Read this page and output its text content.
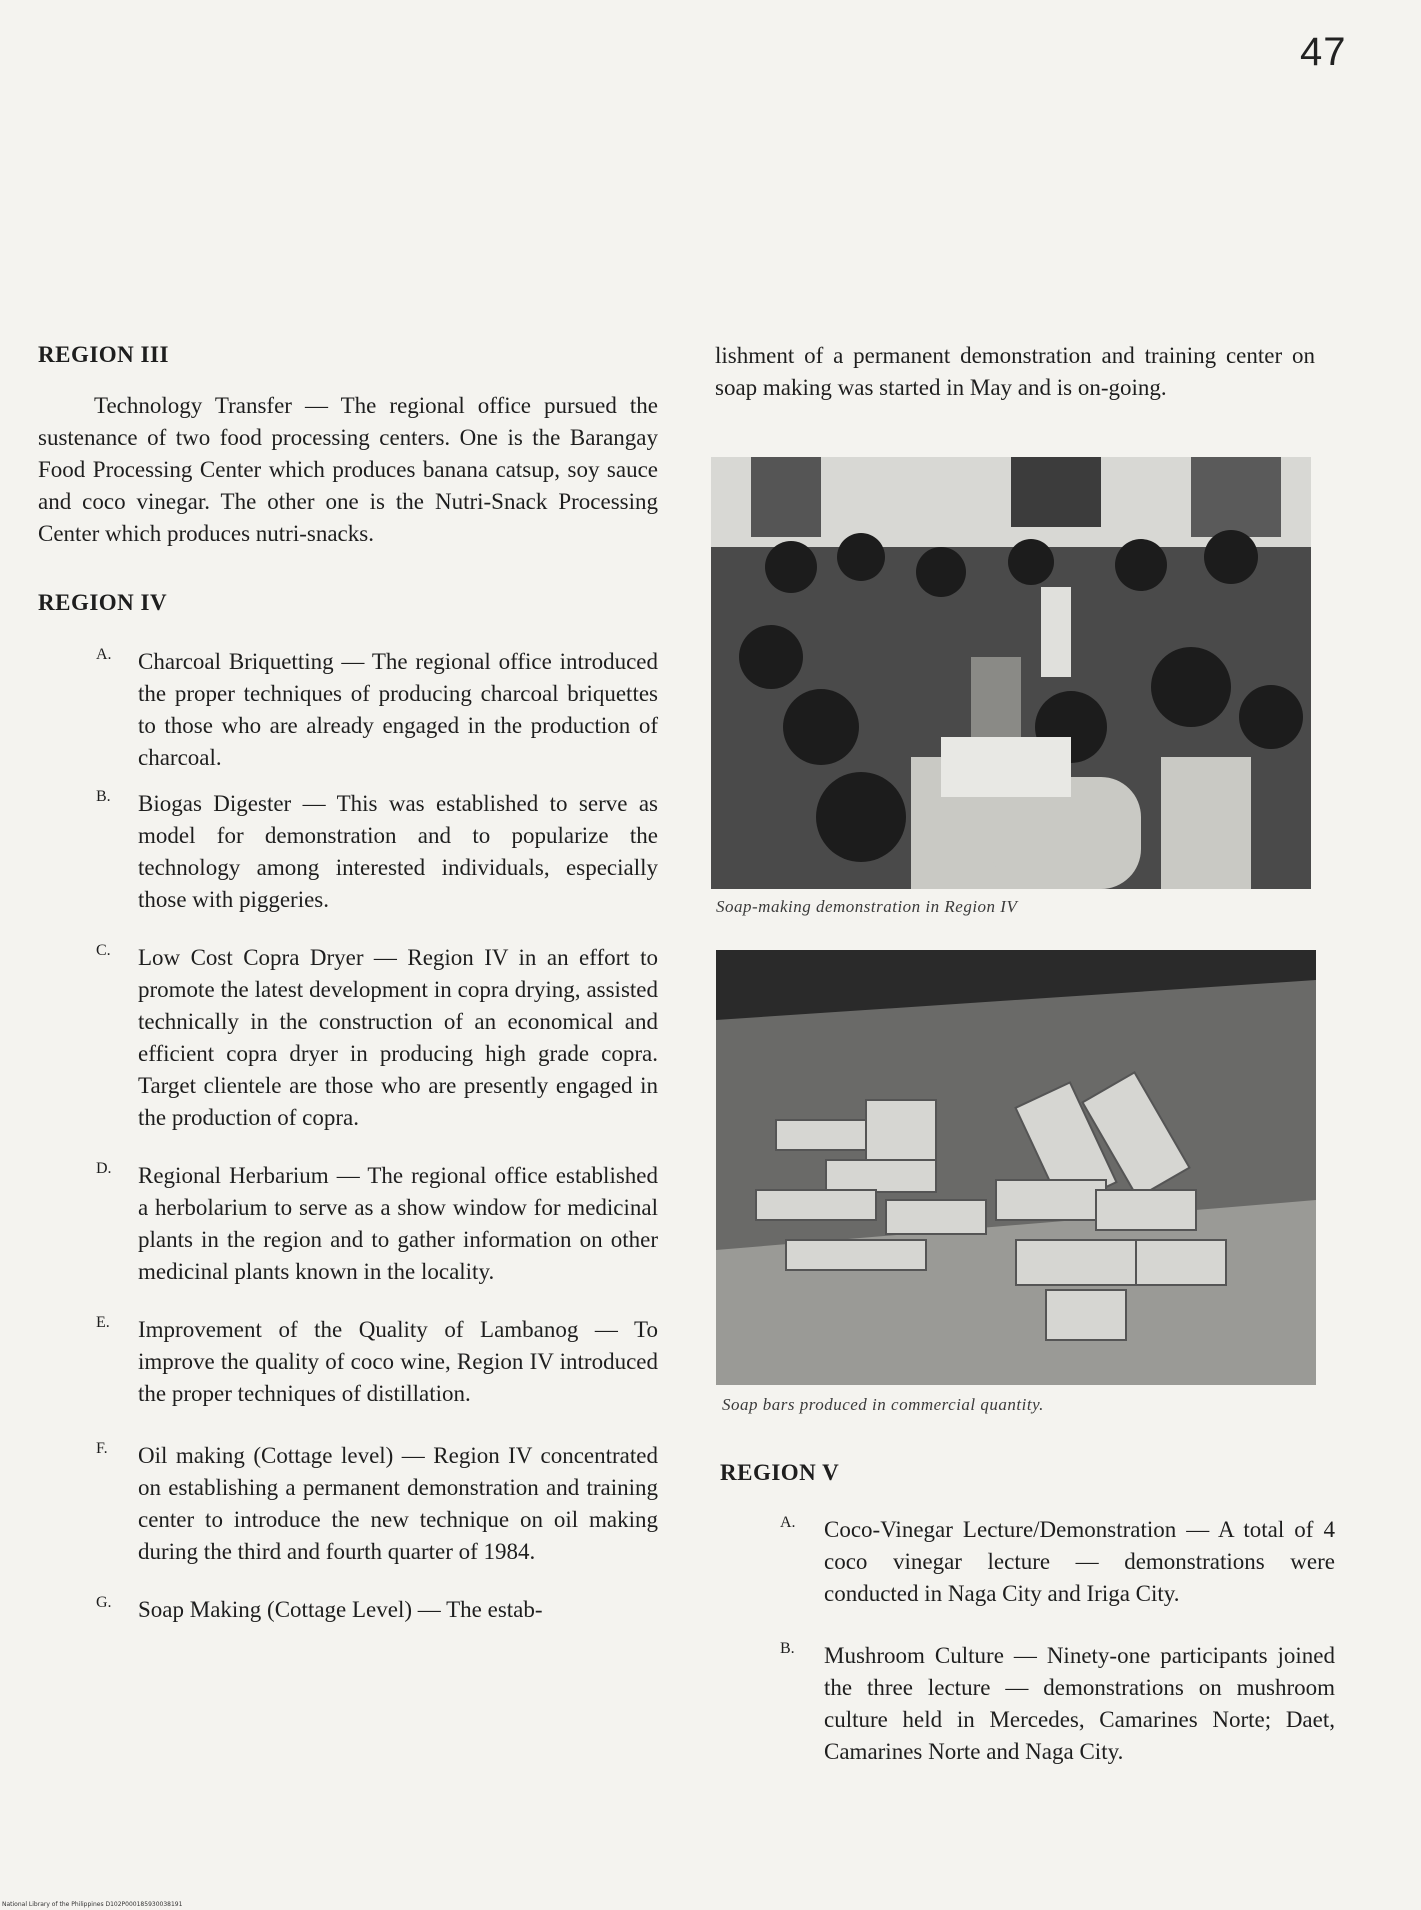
47
REGION III

Technology Transfer — The regional office pursued the sustenance of two food processing centers. One is the Barangay Food Processing Center which produces banana catsup, soy sauce and coco vinegar. The other one is the Nutri-Snack Processing Center which produces nutri-snacks.

REGION IV
A.	Charcoal Briquetting — The regional office introduced the proper techniques of producing charcoal briquettes to those who are already engaged in the production of charcoal.

B.	Biogas Digester — This was established to serve as model for demonstration and to popularize the technology among interested individuals, especially those with piggeries.

C.	Low Cost Copra Dryer — Region IV in an effort to promote the latest development in copra drying, assisted technically in the construction of an economical and efficient copra dryer in producing high grade copra. Target clientele are those who are presently engaged in the production of copra.

D.	Regional Herbarium — The regional office established a herbolarium to serve as a show window for medicinal plants in the region and to gather information on other medicinal plants known in the locality.

E.	Improvement of the Quality of Lambanog — To improve the quality of coco wine, Region IV introduced the proper techniques of distillation.

F.	Oil making (Cottage level) — Region IV concentrated on establishing a permanent demonstration and training center to introduce the new technique on oil making during the third and fourth quarter of 1984.

G.	Soap Making (Cottage Level) — The estab-

lishment of a permanent demonstration and training center on soap making was started in May and is on-going.

Soap-making demonstration in Region IV
Soap bars produced in commercial quantity.
REGION V
A.	Coco-Vinegar Lecture/Demonstration — A total of 4 coco vinegar lecture — demonstrations were conducted in Naga City and Iriga City.

B.	Mushroom Culture — Ninety-one participants joined the three lecture — demonstrations on mushroom culture held in Mercedes, Camarines Norte; Daet, Camarines Norte and Naga City.

National Library of the Philippines D102P000185930038191
